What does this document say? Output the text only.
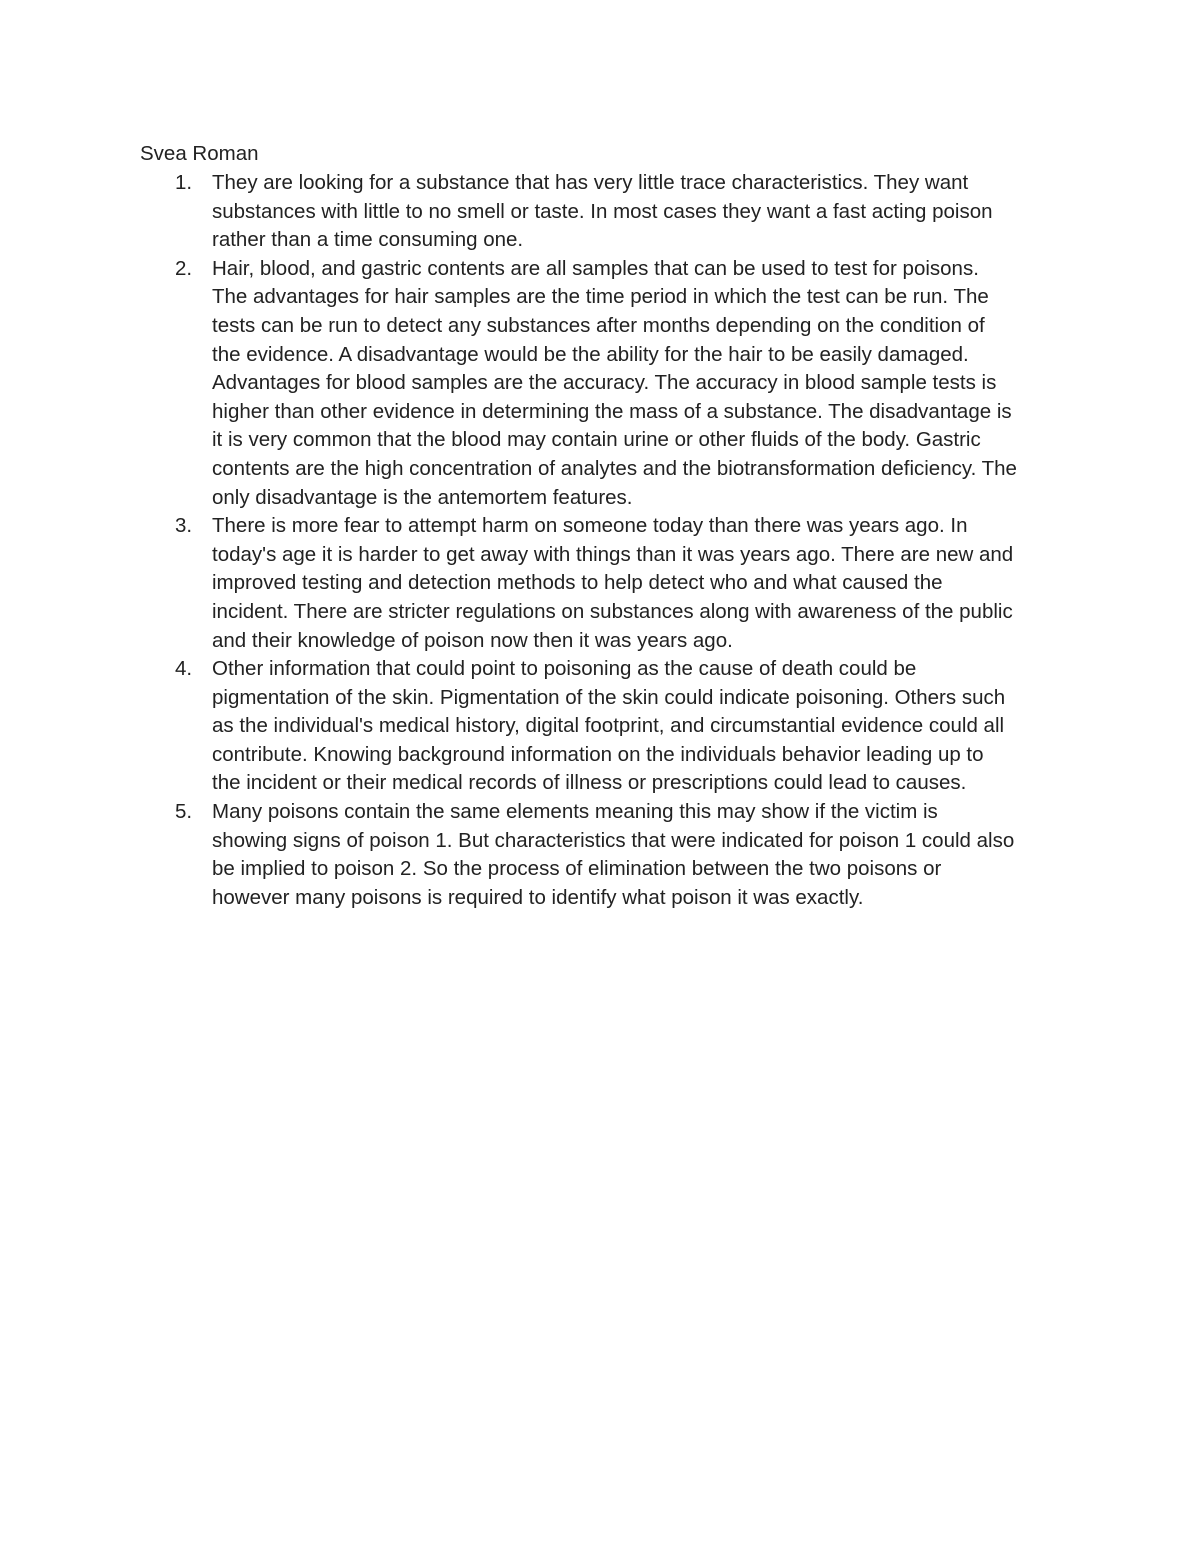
Svea Roman

1. They are looking for a substance that has very little trace characteristics. They want
substances with little to no smell or taste. In most cases they want a fast acting poison
rather than a time consuming one.
2. Hair, blood, and gastric contents are all samples that can be used to test for poisons.
The advantages for hair samples are the time period in which the test can be run. The
tests can be run to detect any substances after months depending on the condition of
the evidence. A disadvantage would be the ability for the hair to be easily damaged.
Advantages for blood samples are the accuracy. The accuracy in blood sample tests is
higher than other evidence in determining the mass of a substance. The disadvantage is
it is very common that the blood may contain urine or other fluids of the body. Gastric
contents are the high concentration of analytes and the biotransformation deficiency. The
only disadvantage is the antemortem features.
3. There is more fear to attempt harm on someone today than there was years ago. In
today's age it is harder to get away with things than it was years ago. There are new and
improved testing and detection methods to help detect who and what caused the
incident. There are stricter regulations on substances along with awareness of the public
and their knowledge of poison now then it was years ago.
4. Other information that could point to poisoning as the cause of death could be
pigmentation of the skin. Pigmentation of the skin could indicate poisoning. Others such
as the individual's medical history, digital footprint, and circumstantial evidence could all
contribute. Knowing background information on the individuals behavior leading up to
the incident or their medical records of illness or prescriptions could lead to causes.
5. Many poisons contain the same elements meaning this may show if the victim is
showing signs of poison 1. But characteristics that were indicated for poison 1 could also
be implied to poison 2. So the process of elimination between the two poisons or
however many poisons is required to identify what poison it was exactly.
